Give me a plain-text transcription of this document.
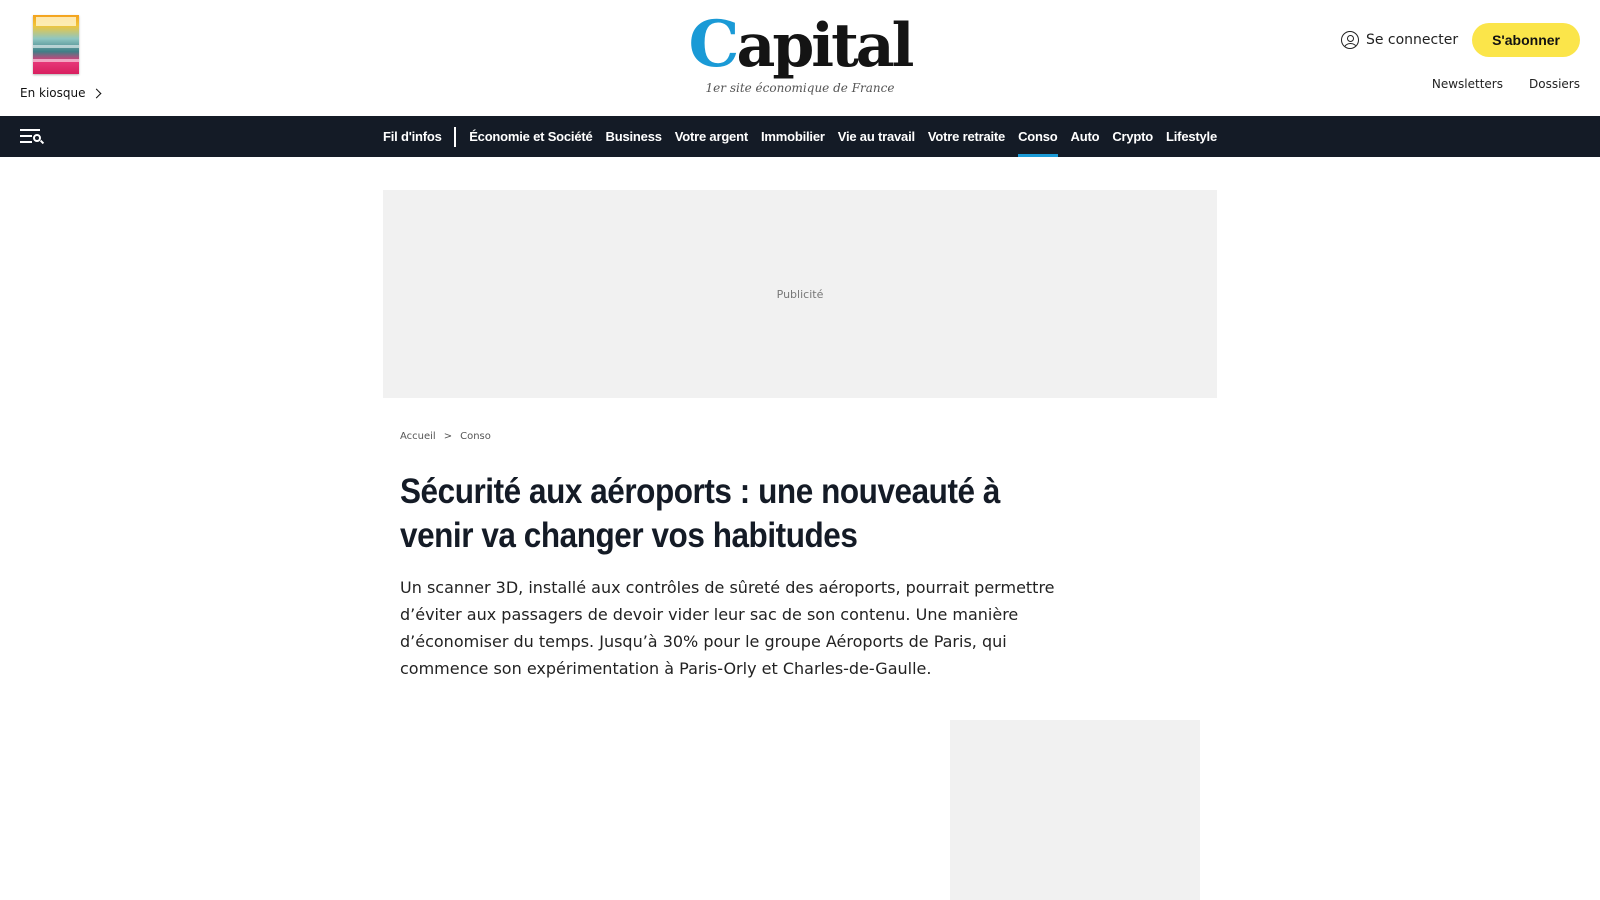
En kiosque
Capital
1er site économique de France
Se connecter	S'abonner
Newsletters Dossiers
Fil d'infos Économie et Société Business Votre argent Immobilier Vie au travail Votre retraite Conso Auto Crypto Lifestyle
Publicité
Accueil > Conso
Sécurité aux aéroports : une nouveauté à venir va changer vos habitudes

Un scanner 3D, installé aux contrôles de sûreté des aéroports, pourrait permettre d’éviter aux passagers de devoir vider leur sac de son contenu. Une manière d’économiser du temps. Jusqu’à 30% pour le groupe Aéroports de Paris, qui commence son expérimentation à Paris-Orly et Charles-de-Gaulle.
